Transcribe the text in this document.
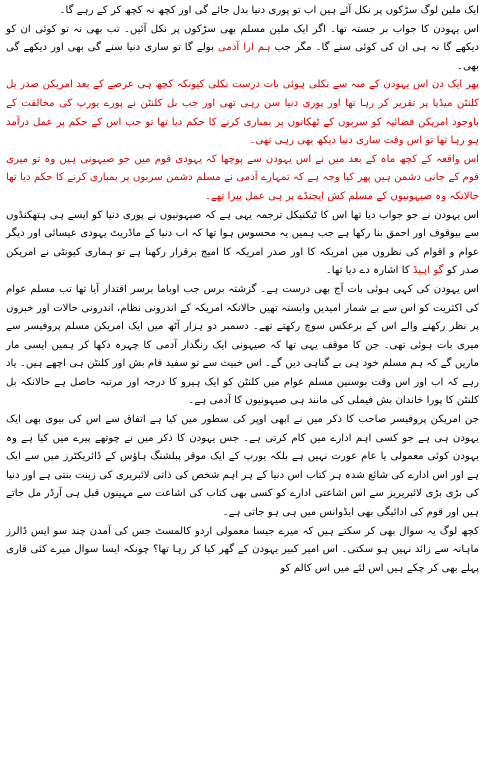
ایک ملین لوگ سڑکوں پر نکل آئے ہیں اب تو پوری دنیا بدل جائے گی اور کچھ نہ کچھ کر کے رہے گا۔

اس یہودن کا جواب بر جستہ تھا۔ اگر ایک ملین مسلم بھی سڑکوں پر نکل آئیں۔ تب بھی نہ تو کوئی ان کو دیکھے گا نہ ہی ان کی کوئی سنے گا۔ مگر جب ہم ارا آدمی بولے گا تو ساری دنیا سنے گی بھی اور دیکھے گی بھی۔

پھر ایک دن اس یہودن کے منہ سے نکلی ہوئی بات درست نکلی کیونکہ کچھ ہی عرصے کے بعد امریکن صدر بل کلنٹن میڈیا پر تقریر کر رہا تھا اور پوری دنیا سن رہی تھی اور جب بل کلنٹن نے پورے یورپ کی مخالفت کے باوجود امریکن فضائیہ کو سربوں کے ٹھکانوں پر بمباری کرنے کا حکم دیا تھا تو جب اس کے حکم پر عمل درآمد ہو رہا تھا تو اس وقت ساری دنیا دیکھ بھی رہی تھی۔

اس واقعہ کے کچھ ماہ کے بعد میں نے اس یہودن سے پوچھا کہ یہودی قوم میں جو صیہونی ہیں وہ تو میری قوم کے جانی دشمن ہیں پھر کیا وجہ ہے کہ تمہارے آدمی نے مسلم دشمن سربوں پر بمباری کرنے کا حکم دیا تھا حالانکہ وہ صیہونیوں کے مسلم کش ایجنڈے پر ہی عمل پیرا تھے۔

اس یہودن نے جو جواب دیا تھا اس کا ٹیکنیکل ترجمہ یہی ہے کہ صیہونیوں نے پوری دنیا کو ایسے ہی ہتھکنڈوں سے بیوقوف اور احمق بنا رکھا ہے جب ہمیں یہ محسوس ہوا تھا کہ اب دنیا کے ماڈریٹ یہودی عیسائی اور دیگر عوام و اقوام کی نظروں میں امریکہ کا اور صدر امریکہ کا امیج برقرار رکھنا ہے تو ہماری کیونٹی نے امریکن صدر کو گو اہیڈ کا اشارہ دے دیا تھا۔

اس یہودن کی کہی ہوئی بات آج بھی درست ہے۔ گزشتہ برس جب اوباما برسر اقتدار آیا تھا تب مسلم عوام کی اکثریت کو اس سے بے شمار امیدیں وابستہ تھیں حالانکہ امریکہ کے اندرونی نظام، اندرونی حالات اور خبروں پر نظر رکھنے والے اس کے برعکس سوچ رکھتے تھے۔ دسمبر دو ہزار آٹھ میں ایک امریکن مسلم پروفیسر سے میری بات ہوئی تھی۔ جن کا موقف یہی تھا کہ صیہونی ایک رنگدار آدمی کا چہرہ دکھا کر ہمیں ایسی مار ماریں گے کہ ہم مسلم خود ہی بے گناہی دیں گے۔ اس خبیث سے تو سفید فام بش اور کلنٹن ہی اچھے ہیں۔ یاد رہے کہ اب اور اس وقت بوسنین مسلم عوام میں کلنٹن کو ایک ہیرو کا درجہ اور مرتبہ حاصل ہے حالانکہ بل کلنٹن کا پورا خاندان بش فیملی کی مانند ہی صیہونیوں کا آدمی ہے۔

جن امریکن پروفیسر صاحب کا ذکر میں نے ابھی اوپر کی سطور میں کیا ہے اتفاق سے اس کی بیوی بھی ایک یہودن ہی ہے جو کسی اہم ادارے میں کام کرتی ہے۔ جس یہودن کا ذکر میں نے چوتھے پیرے میں کیا ہے وہ یہودن کوئی معمولی یا عام عورت نہیں ہے بلکہ یورپ کے ایک موقر پبلشنگ ہاؤس کے ڈائریکٹرز میں سے ایک ہے اور اس ادارے کی شائع شدہ ہر کتاب اس دنیا کے ہر اہم شخص کی ذاتی لائبریری کی زینت بنتی ہے اور دنیا کی بڑی بڑی لائبریریز سے اس اشاعتی ادارے کو کسی بھی کتاب کی اشاعت سے مہینوں قبل ہی آرڈر مل جاتے ہیں اور قوم کی ادائیگی بھی ایڈوانس میں ہی ہو جاتی ہے۔

کچھ لوگ یہ سوال بھی کر سکتے ہیں کہ میرے جیسا معمولی اردو کالمسٹ جس کی آمدن چند سو ایس ڈالرز ماہانہ سے زائد نہیں ہو سکتی۔ اس امیر کبیر یہودن کے گھر کیا کر رہا تھا؟ چونکہ ایسا سوال میرے کئی قاری پہلے بھی کر چکے ہیں اس لئے میں اس کالم کو
